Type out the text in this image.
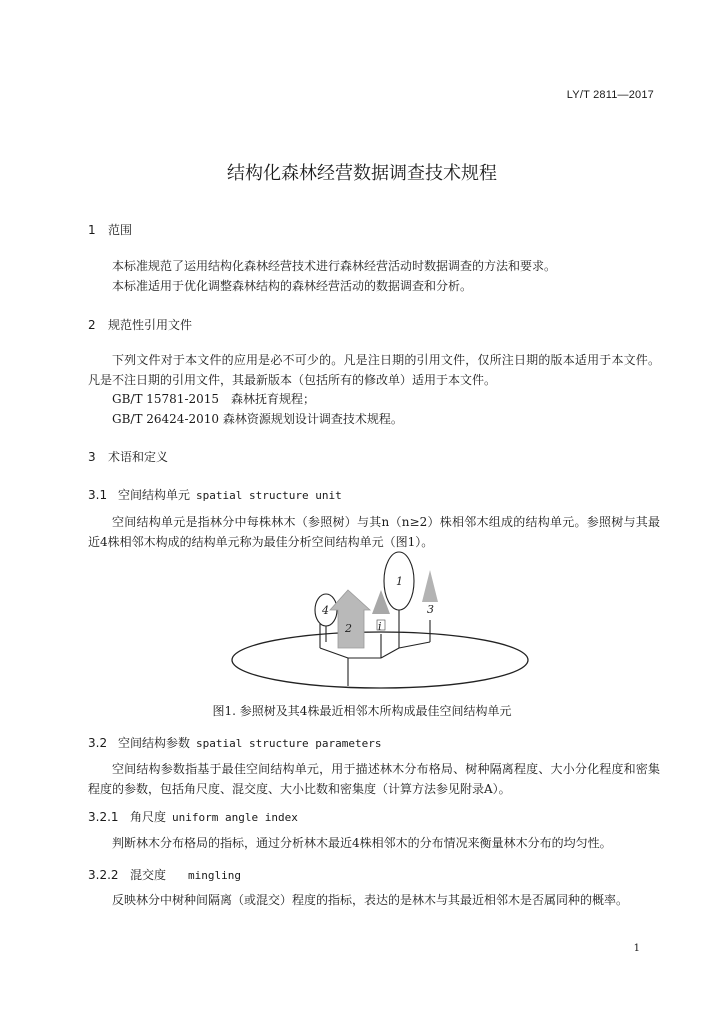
LY/T 2811—2017
结构化森林经营数据调查技术规程
1 范围
本标准规范了运用结构化森林经营技术进行森林经营活动时数据调查的方法和要求。
本标准适用于优化调整森林结构的森林经营活动的数据调查和分析。
2 规范性引用文件
下列文件对于本文件的应用是必不可少的。凡是注日期的引用文件，仅所注日期的版本适用于本文件。凡是不注日期的引用文件，其最新版本（包括所有的修改单）适用于本文件。
GB/T 15781-2015　森林抚育规程；
GB/T 26424-2010 森林资源规划设计调查技术规程。
3 术语和定义
3.1 空间结构单元 spatial structure unit
空间结构单元是指林分中每株林木（参照树）与其n（n≥2）株相邻木组成的结构单元。参照树与其最近4株相邻木构成的结构单元称为最佳分析空间结构单元（图1）。
4
2 i
1
3
图1. 参照树及其4株最近相邻木所构成最佳空间结构单元
3.2 空间结构参数 spatial structure parameters
空间结构参数指基于最佳空间结构单元，用于描述林木分布格局、树种隔离程度、大小分化程度和密集程度的参数，包括角尺度、混交度、大小比数和密集度（计算方法参见附录A）。
3.2.1 角尺度 uniform angle index
判断林木分布格局的指标，通过分析林木最近4株相邻木的分布情况来衡量林木分布的均匀性。
3.2.2 混交度 mingling
反映林分中树种间隔离（或混交）程度的指标，表达的是林木与其最近相邻木是否属同种的概率。
1
